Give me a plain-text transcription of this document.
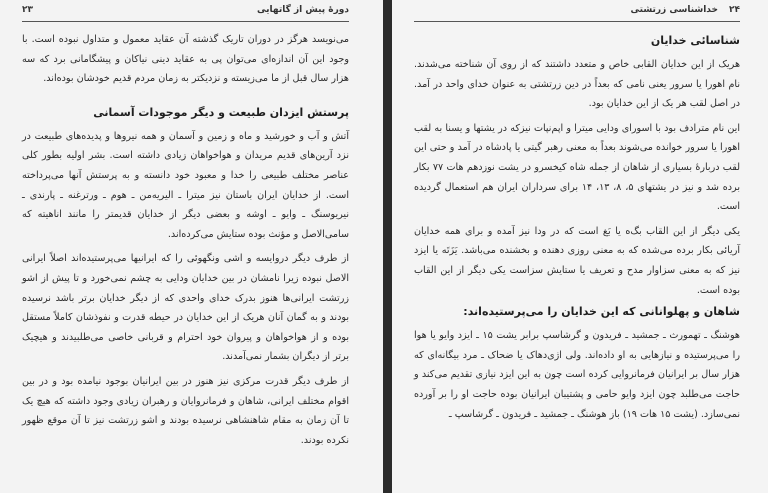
دورهٔ پیش از گاتهایی
۲۳

می‌نویسد هرگز در دوران تاریک گذشته آن عقاید معمول و متداول نبوده است. با وجود این آن اندازه‌ای می‌توان پی به عقاید دینی نیاکان و پیشگامانی برد که سه هزار سال قبل از ما می‌زیسته و نزدیکتر به زمان مردم قدیم خودشان بوده‌اند.

پرستش ایزدان طبیعت و دیگر موجودات آسمانی

آتش و آب و خورشید و ماه و زمین و آسمان و همه نیروها و پدیده‌های طبیعت در نزد آرین‌های قدیم مریدان و هواخواهان زیادی داشته است. بشر اولیه بطور کلی عناصر مختلف طبیعی را خدا و معبود خود دانسته و به پرستش آنها می‌پرداخته است. از خدایان ایران باستان نیز میترا ـ الیریه‌من ـ هوم ـ ورترغنه ـ پارندی ـ نیریوسنگ ـ وایو ـ اوشه و بعضی دیگر از خدایان قدیمتر را مانند اناهیته که سامی‌الاصل و مؤنث بوده ستایش می‌کرده‌اند.

از طرف دیگر دروایسه و اشی ونگهوئی را که ایرانیها می‌پرستیده‌اند اصلاً ایرانی الاصل نبوده زیرا نامشان در بین خدایان ودایی به چشم نمی‌خورد و تا پیش از اشو زرتشت ایرانی‌ها هنوز بدرک خدای واحدی که از دیگر خدایان برتر باشد نرسیده بودند و به گمان آنان هریک از این خدایان در حیطه قدرت و نفوذشان کاملاً مستقل بوده و از هواخواهان و پیروان خود احترام و قربانی خاصی می‌طلبیدند و هیچیک برتر از دیگران بشمار نمی‌آمدند.

از طرف دیگر قدرت مرکزی نیز هنوز در بین ایرانیان بوجود نیامده بود و در بین اقوام مختلف ایرانی، شاهان و فرمانروایان و رهبران زیادی وجود داشته که هیچ یک تا آن زمان به مقام شاهنشاهی نرسیده بودند و اشو زرتشت نیز تا آن موقع ظهور نکرده بودند.

خداشناسی زرتشتی ۲۴
شناسائی خدایان

هریک از این خدایان القابی خاص و متعدد داشتند که از روی آن شناخته می‌شدند. نام اهورا یا سرور یعنی نامی که بعداً در دین زرتشتی به عنوان خدای واحد در آمد. در اصل لقب هر یک از این خدایان بود.

این نام مترادف بود با اسورای ودایی میترا و اپم‌نپات نیزکه در یشتها و یسنا به لقب اهورا یا سرور خوانده می‌شوند بعداً به معنی رهبر گیتی یا پادشاه در آمد و حتی این لقب دربارهٔ بسیاری از شاهان از جمله شاه کیخسرو در یشت نوزدهم هات ۷۷ بکار برده شد و نیز در یشتهای ۵، ۸، ۱۳، ۱۴ برای سرداران ایران هم استعمال گردیده است.

یکی دیگر از این القاب بگ‌ه یا بَغ است که در ودا نیز آمده و برای همه خدایان آریائی بکار برده می‌شده که به معنی روزی دهنده و بخشنده می‌باشد. یَزَتَه یا ایزد نیز که به معنی سزاوار مدح و تعریف یا ستایش سزاست یکی دیگر از این القاب بوده است.

شاهان و پهلوانانی که این خدایان را می‌پرستیده‌اند:

هوشنگ ـ تهمورث ـ جمشید ـ فریدون و گرشاسپ برابر یشت ۱۵ ـ ایزد وایو یا هوا را می‌پرستیده و نیازهایی به او داده‌اند. ولی اژی‌دهاک یا ضحاک ـ مرد بیگانه‌ای که هزار سال بر ایرانیان فرمانروایی کرده است چون به این ایزد نیازی تقدیم می‌کند و حاجت می‌طلبد چون ایزد وایو حامی و پشتیبان ایرانیان بوده حاجت او را بر آورده نمی‌سازد. (یشت ۱۵ هات ۱۹) باز هوشنگ ـ جمشید ـ فریدون ـ گرشاسپ ـ
